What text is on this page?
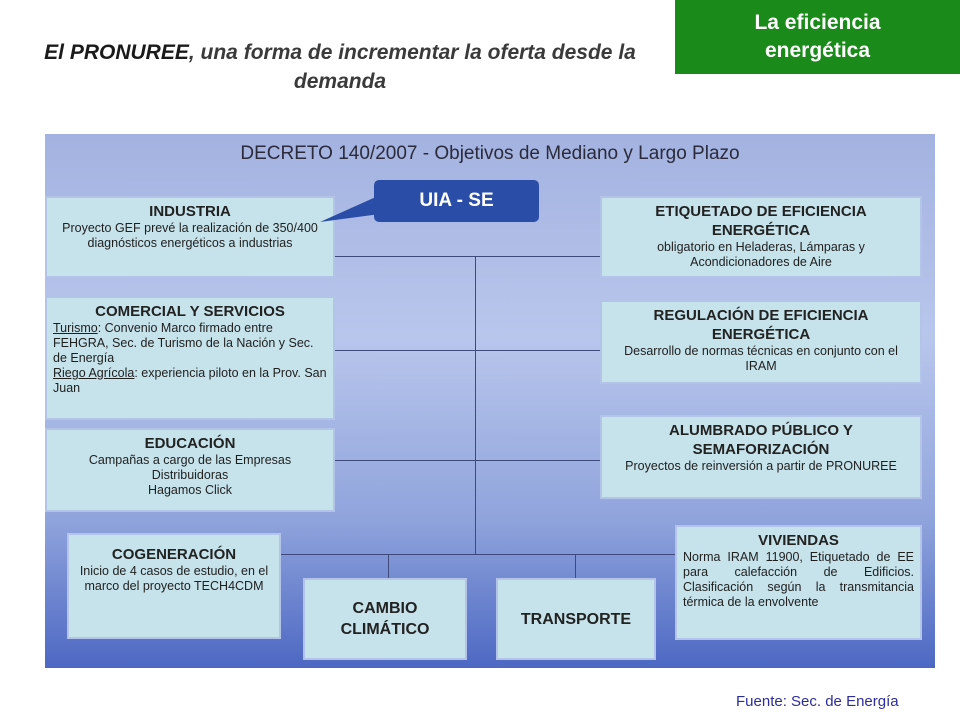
El PRONUREE, una forma de incrementar la oferta desde la demanda
La eficiencia energética
DECRETO 140/2007 - Objetivos de Mediano y Largo Plazo
INDUSTRIA
Proyecto GEF prevé la realización de 350/400 diagnósticos energéticos a industrias
COMERCIAL Y SERVICIOS
Turismo: Convenio Marco firmado entre FEHGRA, Sec. de Turismo de la Nación y Sec. de Energía
Riego Agrícola: experiencia piloto en la Prov. San Juan
EDUCACIÓN
Campañas a cargo de las Empresas Distribuidoras
Hagamos Click
COGENERACIÓN
Inicio de 4 casos de estudio, en el marco del proyecto TECH4CDM
CAMBIO CLIMÁTICO
TRANSPORTE
ETIQUETADO DE EFICIENCIA ENERGÉTICA
obligatorio en Heladeras, Lámparas y Acondicionadores de Aire
REGULACIÓN DE EFICIENCIA ENERGÉTICA
Desarrollo de normas técnicas en conjunto con el IRAM
ALUMBRADO PÚBLICO Y SEMAFORIZACIÓN
Proyectos de reinversión a partir de PRONUREE
VIVIENDAS
Norma IRAM 11900, Etiquetado de EE para calefacción de Edificios. Clasificación según la transmitancia térmica de la envolvente
UIA - SE
Fuente: Sec. de Energía
